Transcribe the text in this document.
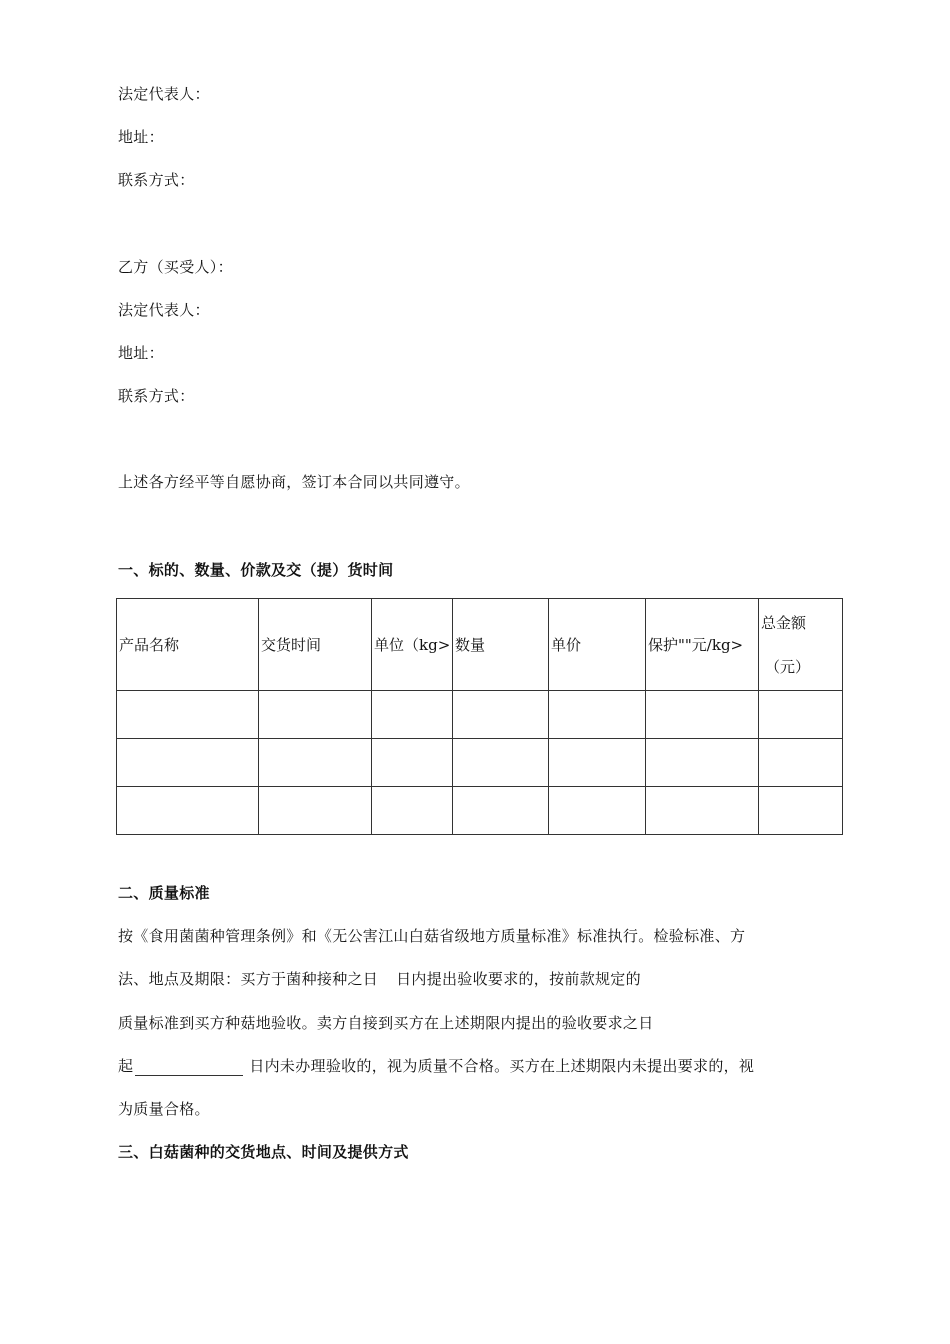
法定代表人：
地址：
联系方式：
乙方（买受人）：
法定代表人：
地址：
联系方式：
上述各方经平等自愿协商，签订本合同以共同遵守。
一、标的、数量、价款及交（提）货时间
产品名称	交货时间	单位（kg>	数量	单价	保护""元/kg>	总金额
（元）

二、质量标准
按《食用菌菌种管理条例》和《无公害江山白菇省级地方质量标准》标准执行。检验标准、方
法、地点及期限：买方于菌种接种之日 日内提出验收要求的，按前款规定的
质量标准到买方种菇地验收。卖方自接到买方在上述期限内提出的验收要求之日
起	日内未办理验收的，视为质量不合格。买方在上述期限内未提出要求的，视
为质量合格。
三、白菇菌种的交货地点、时间及提供方式
